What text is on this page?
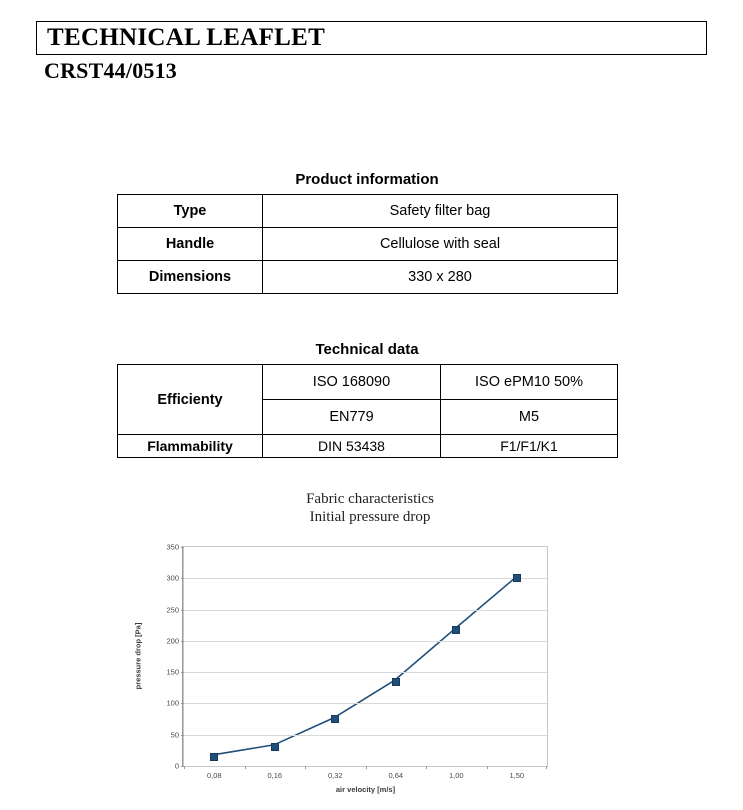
TECHNICAL LEAFLET
CRST44/0513
Product information
Type	Safety filter bag
Handle	Cellulose with seal
Dimensions	330 x 280
Technical data
Efficienty	ISO 168090	ISO ePM10 50%
	EN779	M5
Flammability	DIN 53438	F1/F1/K1
Fabric characteristics
Initial pressure drop
pressure drop [Pa]
air velocity [m/s]
0
50
100
150
200
250
300
350
0,08	0,16	0,32	0,64	1,00	1,50
